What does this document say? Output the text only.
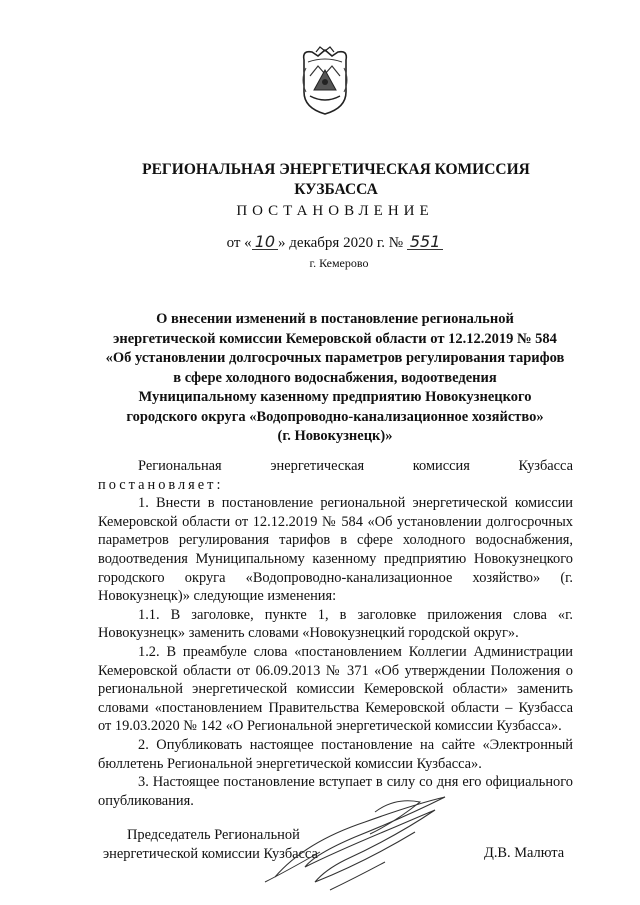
РЕГИОНАЛЬНАЯ ЭНЕРГЕТИЧЕСКАЯ КОМИССИЯ
КУЗБАССА
ПОСТАНОВЛЕНИЕ
от « 10 » декабря 2020 г. № 551
г. Кемерово
О внесении изменений в постановление региональной
энергетической комиссии Кемеровской области от 12.12.2019 № 584
«Об установлении долгосрочных параметров регулирования тарифов
в сфере холодного водоснабжения, водоотведения
Муниципальному казенному предприятию Новокузнецкого
городского округа «Водопроводно-канализационное хозяйство»
(г. Новокузнецк)»

Региональная энергетическая комиссия Кузбасса

постановляет:

1. Внести в постановление региональной энергетической комиссии Кемеровской области от 12.12.2019 № 584 «Об установлении долгосрочных параметров регулирования тарифов в сфере холодного водоснабжения, водоотведения Муниципальному казенному предприятию Новокузнецкого городского округа «Водопроводно-канализационное хозяйство» (г. Новокузнецк)» следующие изменения:

1.1. В заголовке, пункте 1, в заголовке приложения слова «г. Новокузнецк» заменить словами «Новокузнецкий городской округ».

1.2. В преамбуле слова «постановлением Коллегии Администрации Кемеровской области от 06.09.2013 № 371 «Об утверждении Положения о региональной энергетической комиссии Кемеровской области» заменить словами «постановлением Правительства Кемеровской области – Кузбасса от 19.03.2020 № 142 «О Региональной энергетической комиссии Кузбасса».

2. Опубликовать настоящее постановление на сайте «Электронный бюллетень Региональной энергетической комиссии Кузбасса».

3. Настоящее постановление вступает в силу со дня его официального опубликования.

Председатель Региональной
энергетической комиссии Кузбасса	Д.В. Малюта
